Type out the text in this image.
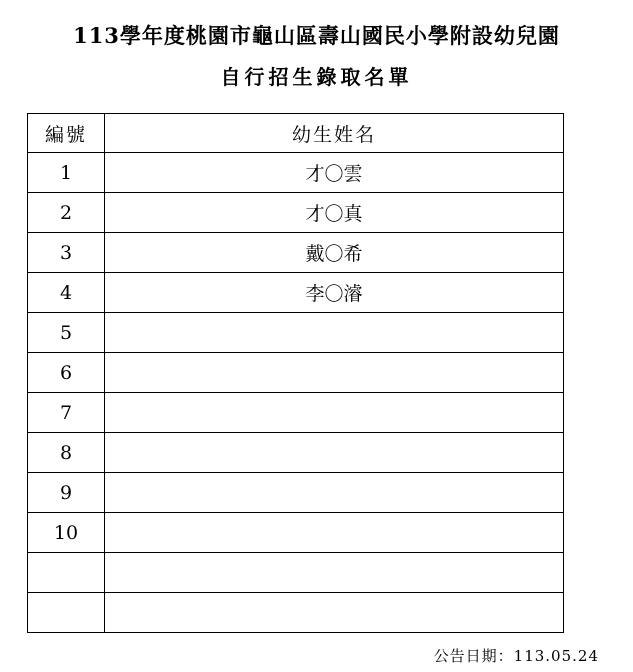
113學年度桃園市龜山區壽山國民小學附設幼兒園
自行招生錄取名單
編號	幼生姓名
1	才〇雲
2	才〇真
3	戴〇希
4	李〇濬
5	
6	
7	
8	
9	
10	

公告日期：113.05.24
